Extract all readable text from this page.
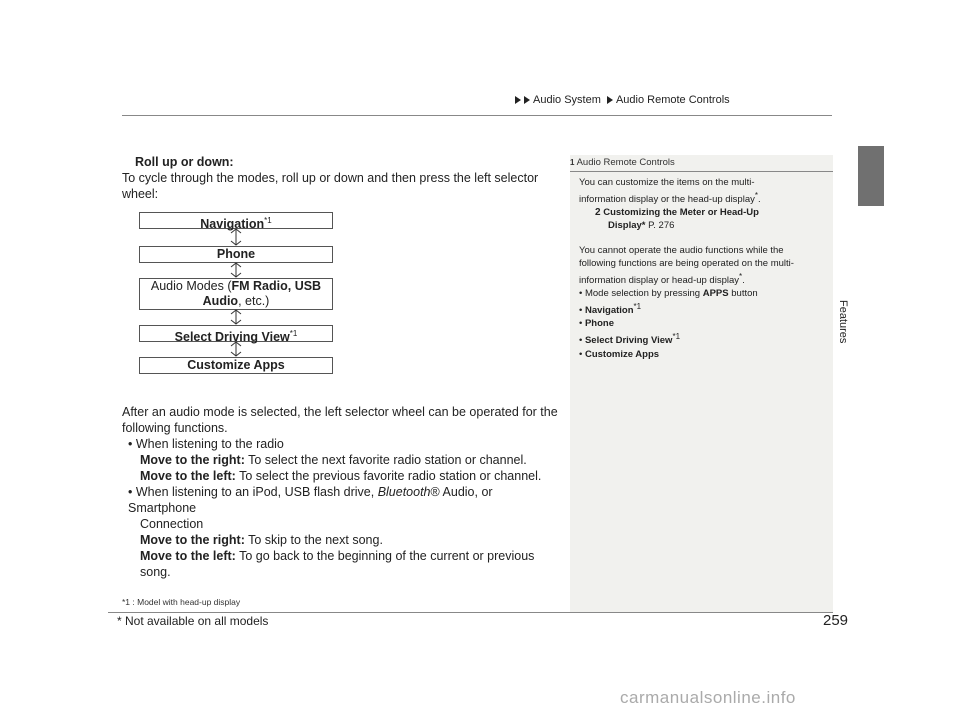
Audio System Audio Remote Controls
Features
Roll up or down:
To cycle through the modes, roll up or down and then press the left selector wheel:
Navigation$^{*1}$
Phone
Audio Modes (FM Radio, USB Audio, etc.)
Select Driving View$^{*1}$
Customize Apps
After an audio mode is selected, the left selector wheel can be operated for the
following functions.
• When listening to the radio
Move to the right: To select the next favorite radio station or channel.
Move to the left: To select the previous favorite radio station or channel.
• When listening to an iPod, USB flash drive, Bluetooth® Audio, or Smartphone
Connection
Move to the right: To skip to the next song.
Move to the left: To go back to the beginning of the current or previous song.
*1 : Model with head-up display
1 Audio Remote Controls
You can customize the items on the multi-
information display or the head-up display*.
2 Customizing the Meter or Head-Up
Display* P. 276
You cannot operate the audio functions while the
following functions are being operated on the multi-
information display or head-up display*.
• Mode selection by pressing APPS button
• Navigation$^{*1}$
• Phone
• Select Driving View$^{*1}$
• Customize Apps
* Not available on all models	259
carmanualsonline.info
